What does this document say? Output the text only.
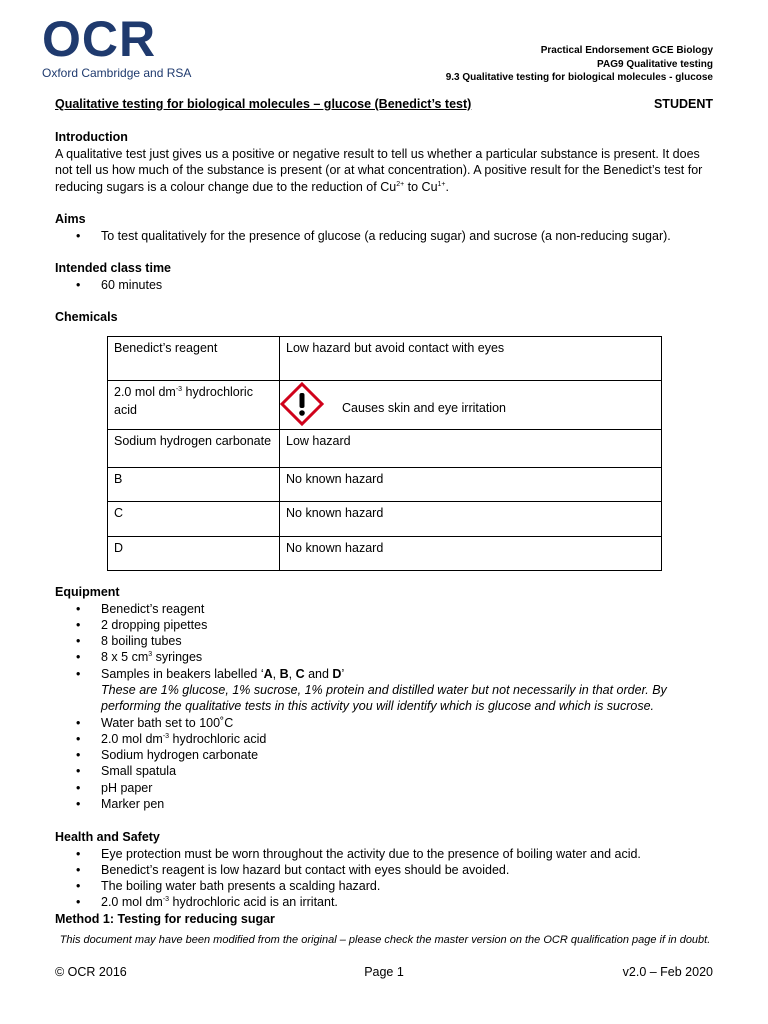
OCR
Oxford Cambridge and RSA
Practical Endorsement GCE Biology
PAG9 Qualitative testing
9.3 Qualitative testing for biological molecules - glucose
Qualitative testing for biological molecules – glucose (Benedict’s test)	STUDENT
Introduction

A qualitative test just gives us a positive or negative result to tell us whether a particular substance is present. It does not tell us how much of the substance is present (or at what concentration). A positive result for the Benedict’s test for reducing sugars is a colour change due to the reduction of $Cu^{2+}$ to $Cu^{1+}$.

Aims
• To test qualitatively for the presence of glucose (a reducing sugar) and sucrose (a non-reducing sugar).
Intended class time
• 60 minutes
Chemicals
Benedict’s reagent	Low hazard but avoid contact with eyes
2.0 mol $dm^{-3}$ hydrochloric acid	Causes skin and eye irritation

Sodium hydrogen carbonate	Low hazard
B	No known hazard
C	No known hazard
D	No known hazard
Equipment
• Benedict’s reagent
• 2 dropping pipettes
• 8 boiling tubes
• 8 x 5 $cm^3$ syringes
• Samples in beakers labelled ‘A, B, C and D’
These are 1% glucose, 1% sucrose, 1% protein and distilled water but not necessarily in that order. By performing the qualitative tests in this activity you will identify which is glucose and which is sucrose.
• Water bath set to 100˚C
• 2.0 mol $dm^{-3}$ hydrochloric acid
• Sodium hydrogen carbonate
• Small spatula
• pH paper
• Marker pen
Health and Safety
• Eye protection must be worn throughout the activity due to the presence of boiling water and acid.
• Benedict’s reagent is low hazard but contact with eyes should be avoided.
• The boiling water bath presents a scalding hazard.
• 2.0 mol $dm^{-3}$ hydrochloric acid is an irritant.
Method 1: Testing for reducing sugar
This document may have been modified from the original – please check the master version on the OCR qualification page if in doubt.
© OCR 2016	Page 1	v2.0 – Feb 2020
